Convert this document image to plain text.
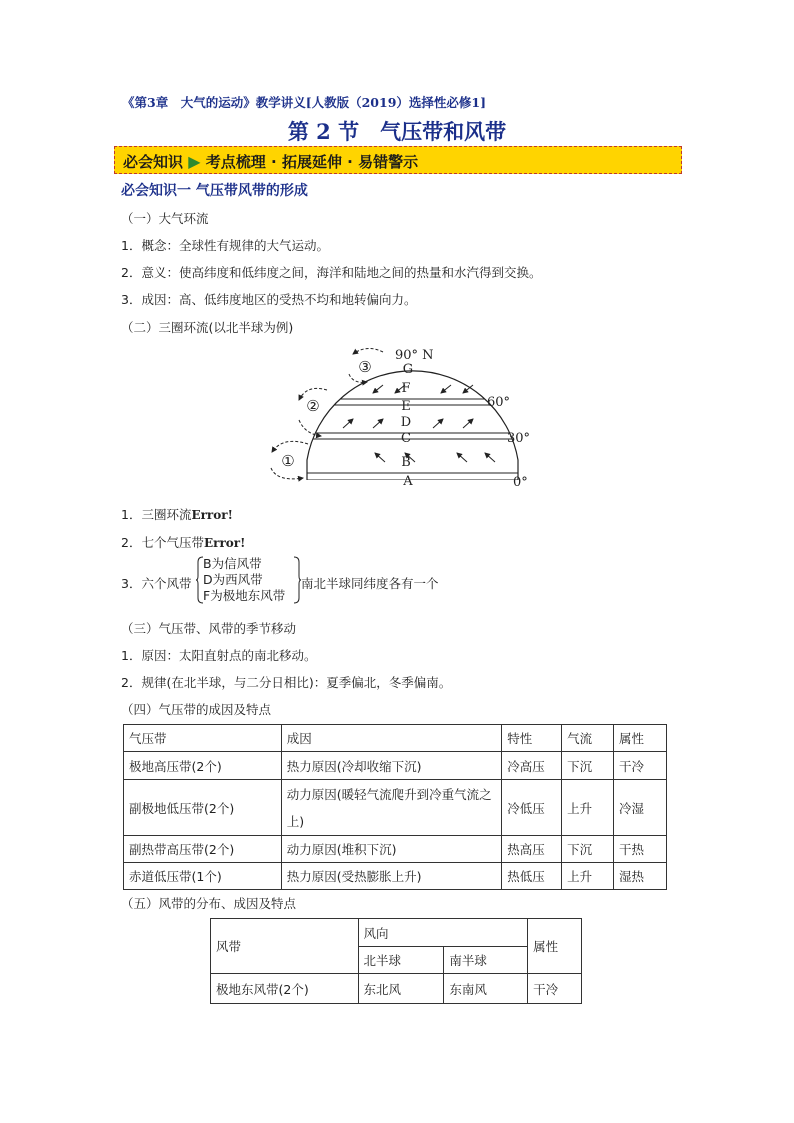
《第3章　大气的运动》教学讲义[人教版（2019）选择性必修1]
第 2 节　气压带和风带
必会知识 ▶ 考点梳理 · 拓展延伸 · 易错警示
必会知识一 气压带风带的形成
（一）大气环流
1．概念：全球性有规律的大气运动。
2．意义：使高纬度和低纬度之间，海洋和陆地之间的热量和水汽得到交换。
3．成因：高、低纬度地区的受热不均和地转偏向力。
（二）三圈环流(以北半球为例)
G
F
E
D
C
B
A
90° N
60°
30°
0°
①
②
③
1．三圈环流Error!
2．七个气压带Error!
3．六个风带
B为信风带
D为西风带
F为极地东风带
南北半球同纬度各有一个
（三）气压带、风带的季节移动
1．原因：太阳直射点的南北移动。
2．规律(在北半球，与二分日相比)：夏季偏北，冬季偏南。
（四）气压带的成因及特点
气压带	成因	特性	气流	属性
极地高压带(2个)	热力原因(冷却收缩下沉)	冷高压	下沉	干冷
副极地低压带(2个)	动力原因(暖轻气流爬升到冷重气流之上)	冷低压	上升	冷湿
副热带高压带(2个)	动力原因(堆积下沉)	热高压	下沉	干热
赤道低压带(1个)	热力原因(受热膨胀上升)	热低压	上升	湿热
（五）风带的分布、成因及特点
风带	风向		属性
	北半球	南半球	
极地东风带(2个)	东北风	东南风	干冷
